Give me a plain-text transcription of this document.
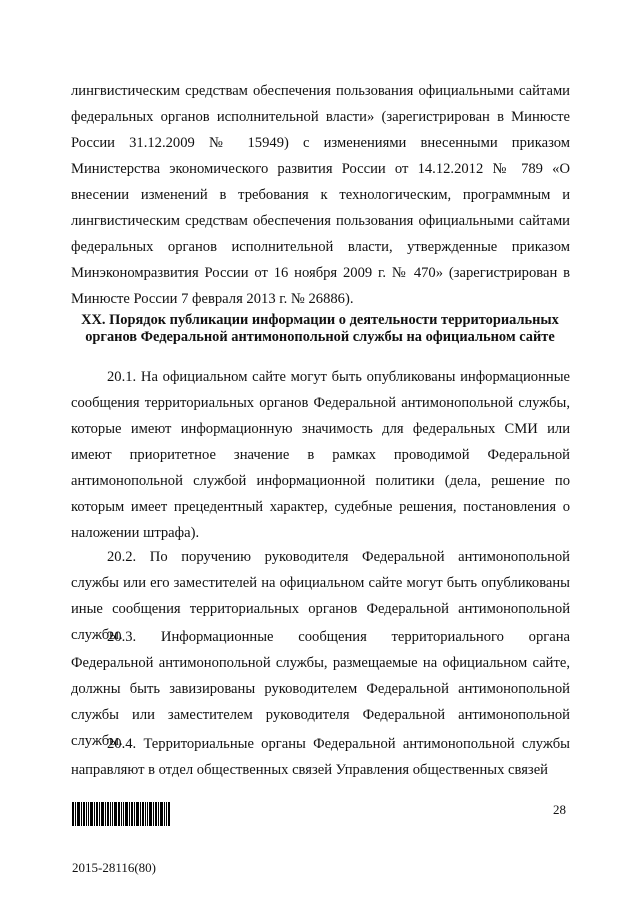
лингвистическим средствам обеспечения пользования официальными сайтами федеральных органов исполнительной власти» (зарегистрирован в Минюсте России 31.12.2009 № 15949) с изменениями внесенными приказом Министерства экономического развития России от 14.12.2012 № 789 «О внесении изменений в требования к технологическим, программным и лингвистическим средствам обеспечения пользования официальными сайтами федеральных органов исполнительной власти, утвержденные приказом Минэкономразвития России от 16 ноября 2009 г. № 470» (зарегистрирован в Минюсте России 7 февраля 2013 г. № 26886).

XX. Порядок публикации информации о деятельности территориальных органов Федеральной антимонопольной службы на официальном сайте

20.1. На официальном сайте могут быть опубликованы информационные сообщения территориальных органов Федеральной антимонопольной службы, которые имеют информационную значимость для федеральных СМИ или имеют приоритетное значение в рамках проводимой Федеральной антимонопольной службой информационной политики (дела, решение по которым имеет прецедентный характер, судебные решения, постановления о наложении штрафа).

20.2. По поручению руководителя Федеральной антимонопольной службы или его заместителей на официальном сайте могут быть опубликованы иные сообщения территориальных органов Федеральной антимонопольной службы.

20.3. Информационные сообщения территориального органа Федеральной антимонопольной службы, размещаемые на официальном сайте, должны быть завизированы руководителем Федеральной антимонопольной службы или заместителем руководителя Федеральной антимонопольной службы.

20.4. Территориальные органы Федеральной антимонопольной службы направляют в отдел общественных связей Управления общественных связей

28
2015-28116(80)
